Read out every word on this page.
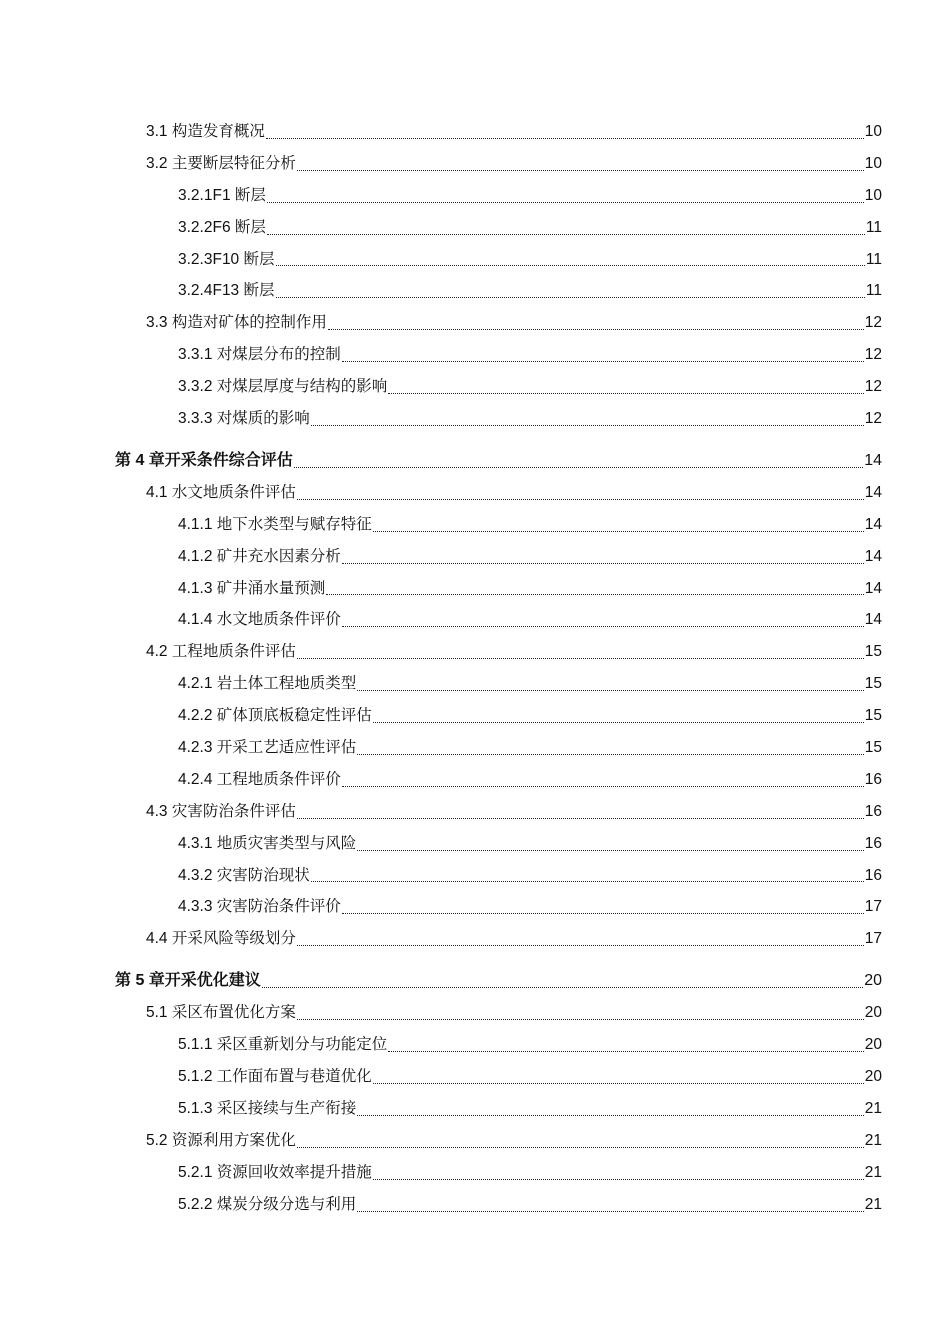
3.1 构造发育概况	10
3.2 主要断层特征分析	10
3.2.1F1 断层	10
3.2.2F6 断层	11
3.2.3F10 断层	11
3.2.4F13 断层	11
3.3 构造对矿体的控制作用	12
3.3.1 对煤层分布的控制	12
3.3.2 对煤层厚度与结构的影响	12
3.3.3 对煤质的影响	12
第 4 章开采条件综合评估	14
4.1 水文地质条件评估	14
4.1.1 地下水类型与赋存特征	14
4.1.2 矿井充水因素分析	14
4.1.3 矿井涌水量预测	14
4.1.4 水文地质条件评价	14
4.2 工程地质条件评估	15
4.2.1 岩土体工程地质类型	15
4.2.2 矿体顶底板稳定性评估	15
4.2.3 开采工艺适应性评估	15
4.2.4 工程地质条件评价	16
4.3 灾害防治条件评估	16
4.3.1 地质灾害类型与风险	16
4.3.2 灾害防治现状	16
4.3.3 灾害防治条件评价	17
4.4 开采风险等级划分	17
第 5 章开采优化建议	20
5.1 采区布置优化方案	20
5.1.1 采区重新划分与功能定位	20
5.1.2 工作面布置与巷道优化	20
5.1.3 采区接续与生产衔接	21
5.2 资源利用方案优化	21
5.2.1 资源回收效率提升措施	21
5.2.2 煤炭分级分选与利用	21
